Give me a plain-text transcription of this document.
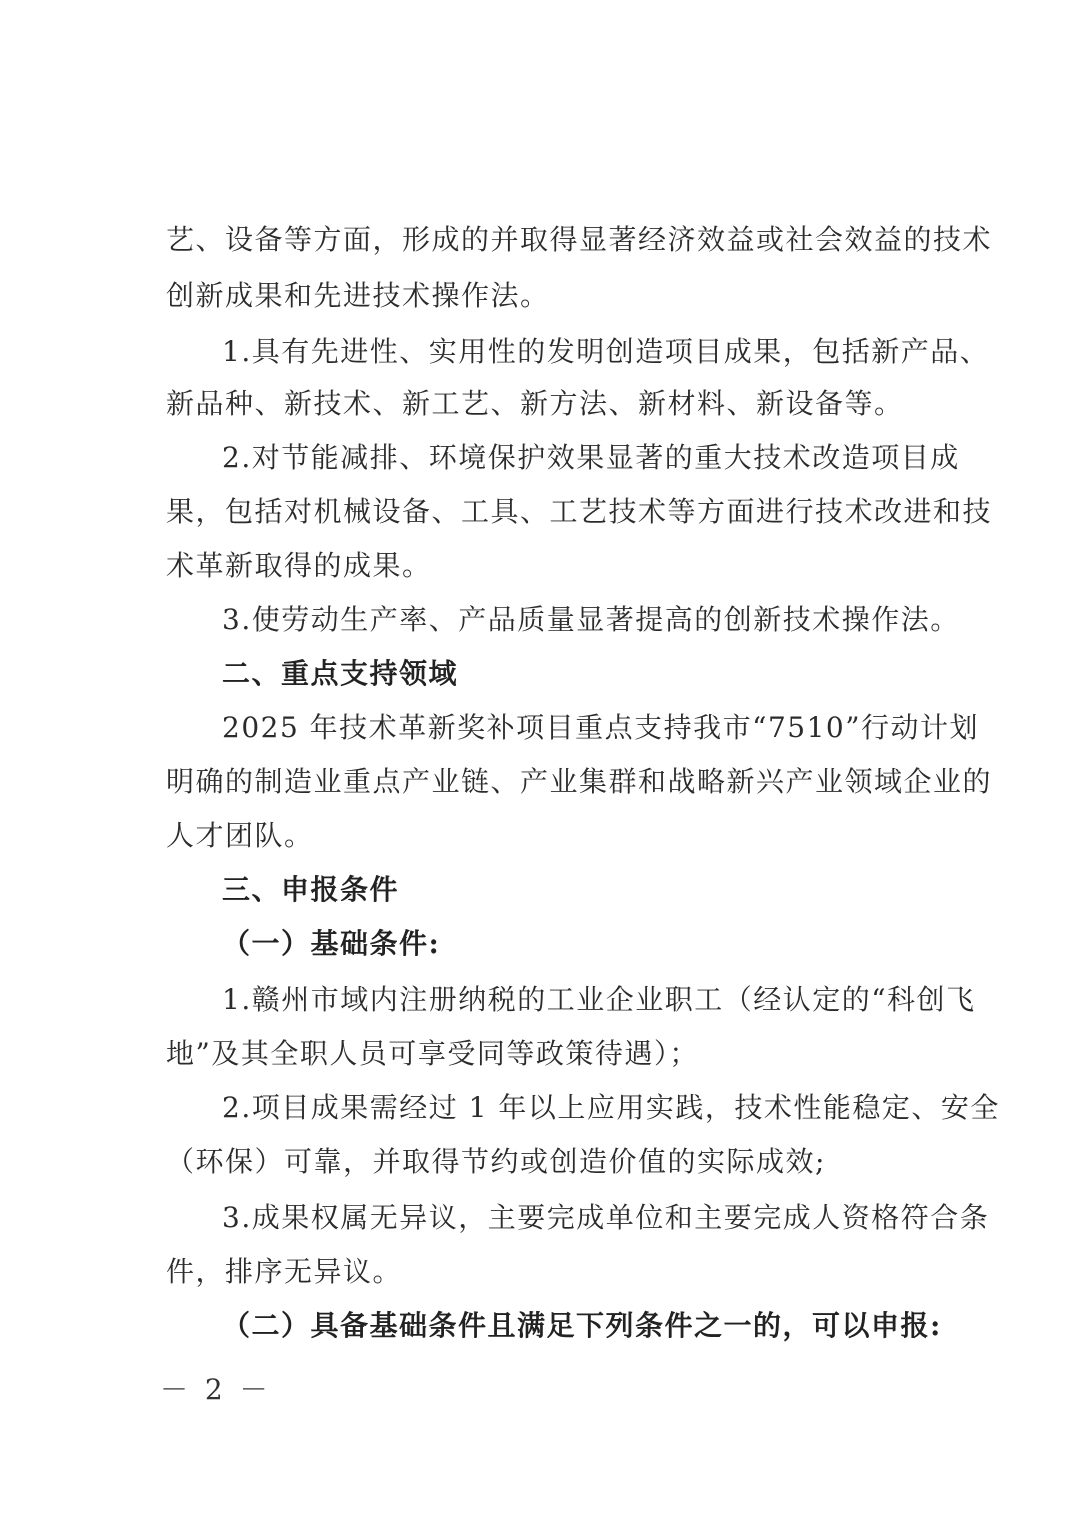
艺、设备等方面，形成的并取得显著经济效益或社会效益的技术
创新成果和先进技术操作法。
1.具有先进性、实用性的发明创造项目成果，包括新产品、
新品种、新技术、新工艺、新方法、新材料、新设备等。
2.对节能减排、环境保护效果显著的重大技术改造项目成
果，包括对机械设备、工具、工艺技术等方面进行技术改进和技
术革新取得的成果。
3.使劳动生产率、产品质量显著提高的创新技术操作法。
二、重点支持领域
2025 年技术革新奖补项目重点支持我市“7510”行动计划
明确的制造业重点产业链、产业集群和战略新兴产业领域企业的
人才团队。
三、申报条件
（一）基础条件:
1.赣州市域内注册纳税的工业企业职工（经认定的“科创飞
地”及其全职人员可享受同等政策待遇）；
2.项目成果需经过 1 年以上应用实践，技术性能稳定、安全
（环保）可靠，并取得节约或创造价值的实际成效;
3.成果权属无异议，主要完成单位和主要完成人资格符合条
件，排序无异议。
（二）具备基础条件且满足下列条件之一的，可以申报:
－ 2 －
